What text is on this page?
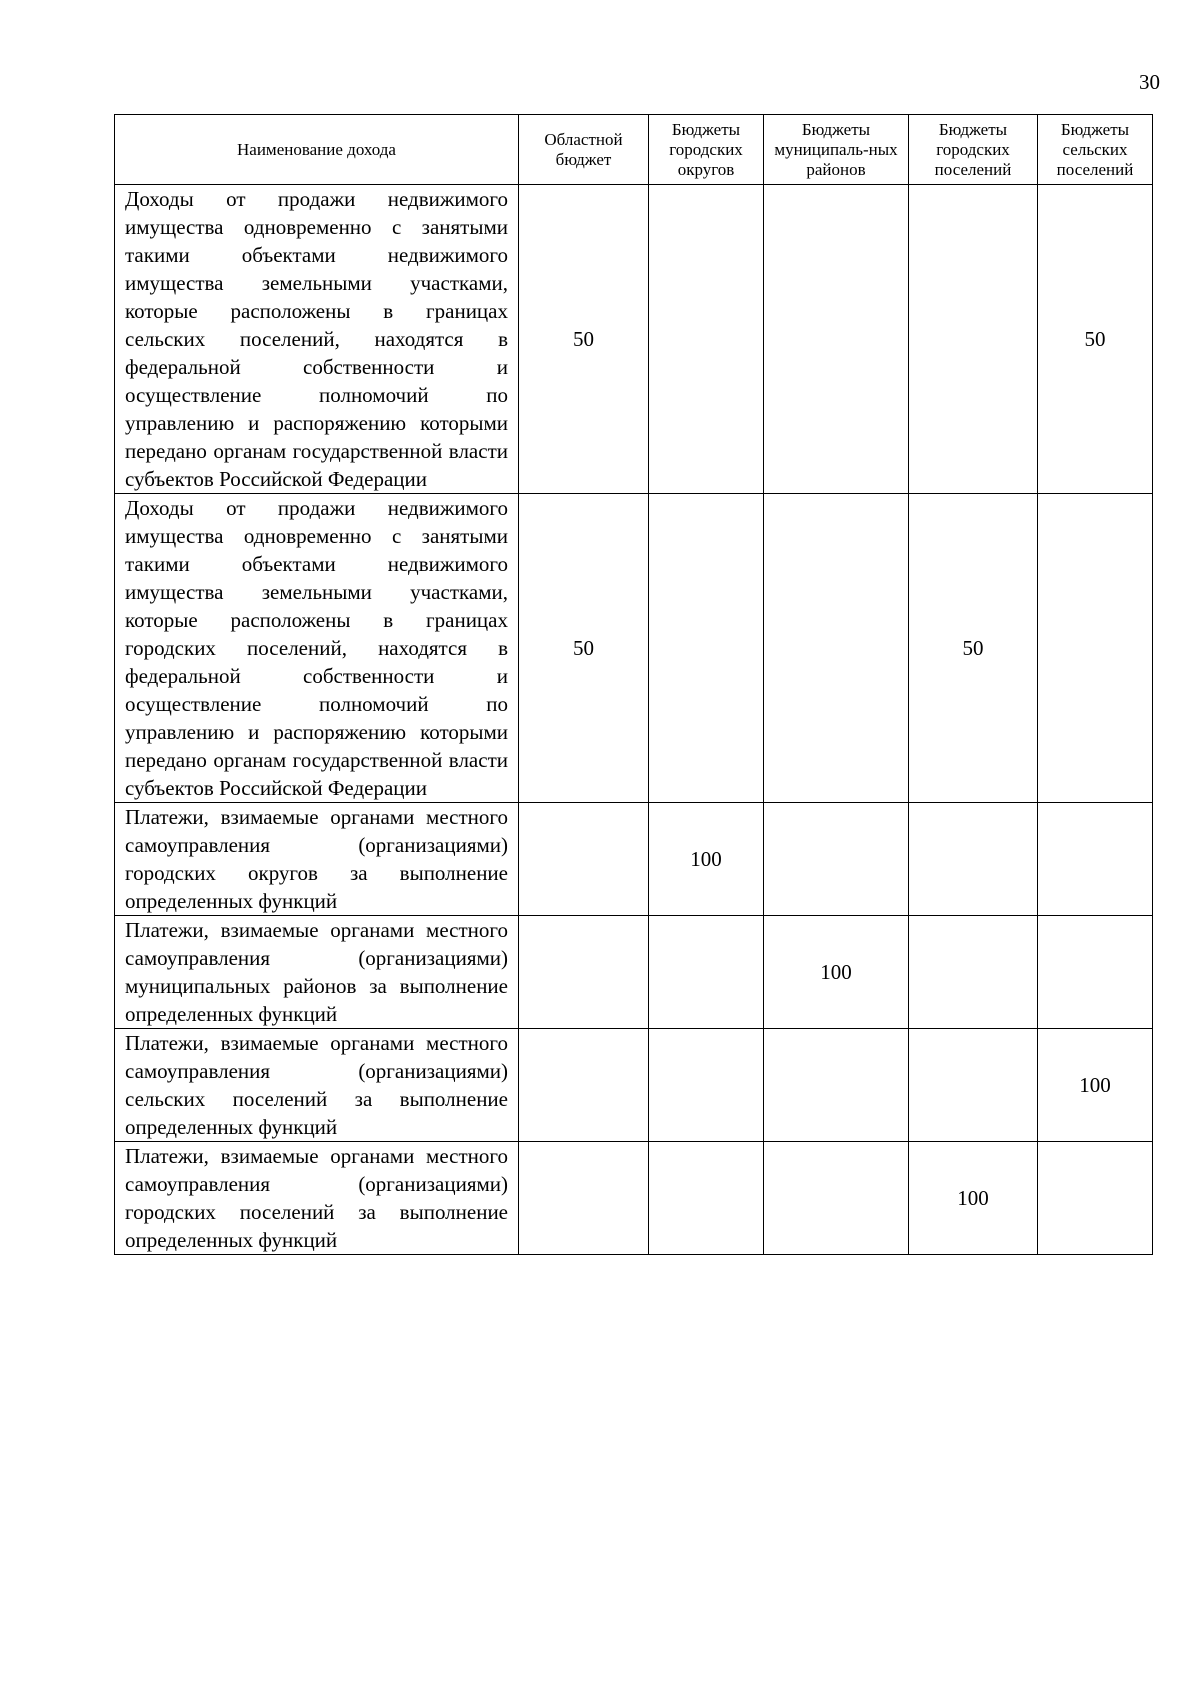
30
Наименование дохода	Областной бюджет	Бюджеты городских округов	Бюджеты муниципаль-ных районов	Бюджеты городских поселений	Бюджеты сельских поселений
Доходы от продажи недвижимого имущества одновременно с занятыми такими объектами недвижимого имущества земельными участками, которые расположены в границах сельских поселений, находятся в федеральной собственности и осуществление полномочий по управлению и распоряжению которыми передано органам государственной власти субъектов Российской Федерации	50				50
Доходы от продажи недвижимого имущества одновременно с занятыми такими объектами недвижимого имущества земельными участками, которые расположены в границах городских поселений, находятся в федеральной собственности и осуществление полномочий по управлению и распоряжению которыми передано органам государственной власти субъектов Российской Федерации	50			50	
Платежи, взимаемые органами местного самоуправления (организациями) городских округов за выполнение определенных функций		100			
Платежи, взимаемые органами местного самоуправления (организациями) муниципальных районов за выполнение определенных функций			100		
Платежи, взимаемые органами местного самоуправления (организациями) сельских поселений за выполнение определенных функций					100
Платежи, взимаемые органами местного самоуправления (организациями) городских поселений за выполнение определенных функций				100	
